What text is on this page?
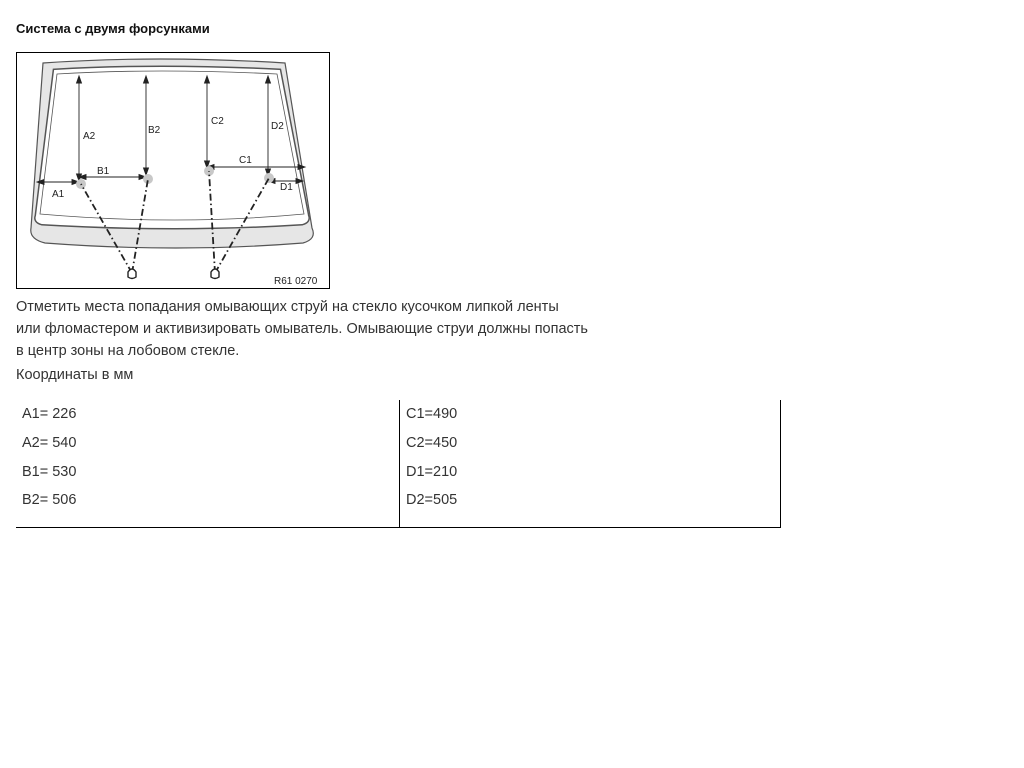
Система с двумя форсунками
A2
B2
C2	D2
B1
C1
A1
D1
R61 0270

Отметить места попадания омывающих струй на стекло кусочком липкой ленты
или фломастером и активизировать омыватель. Омывающие струи должны попасть
в центр зоны на лобовом стекле.

Координаты в мм
A1= 226
A2= 540
B1= 530
B2= 506
C1=490
C2=450
D1=210
D2=505
